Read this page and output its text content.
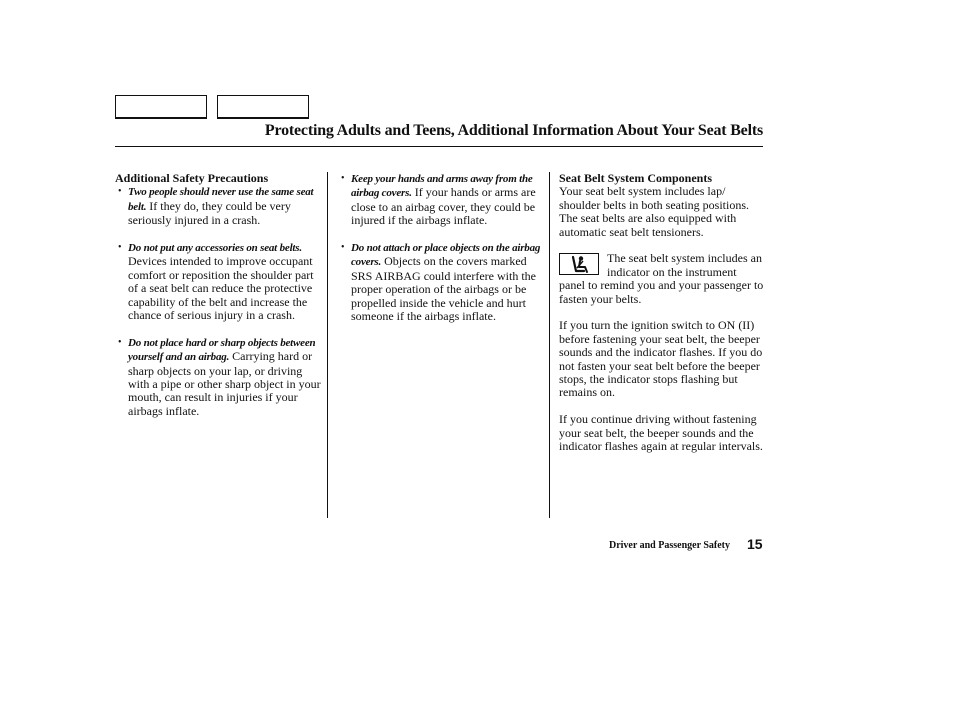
Protecting Adults and Teens, Additional Information About Your Seat Belts
Additional Safety Precautions
• Two people should never use the same seat belt. If they do, they could be very seriously injured in a crash.
• Do not put any accessories on seat belts. Devices intended to improve occupant comfort or reposition the shoulder part of a seat belt can reduce the protective capability of the belt and increase the chance of serious injury in a crash.
• Do not place hard or sharp objects between yourself and an airbag. Carrying hard or sharp objects on your lap, or driving with a pipe or other sharp object in your mouth, can result in injuries if your airbags inflate.
• Keep your hands and arms away from the airbag covers. If your hands or arms are close to an airbag cover, they could be injured if the airbags inflate.
• Do not attach or place objects on the airbag covers. Objects on the covers marked SRS AIRBAG could interfere with the proper operation of the airbags or be propelled inside the vehicle and hurt someone if the airbags inflate.
Seat Belt System Components

Your seat belt system includes lap/ shoulder belts in both seating positions. The seat belts are also equipped with automatic seat belt tensioners.

The seat belt system includes an indicator on the instrument panel to remind you and your passenger to fasten your belts.

If you turn the ignition switch to ON (II) before fastening your seat belt, the beeper sounds and the indicator flashes. If you do not fasten your seat belt before the beeper stops, the indicator stops flashing but remains on.

If you continue driving without fastening your seat belt, the beeper sounds and the indicator flashes again at regular intervals.

Driver and Passenger Safety 15
